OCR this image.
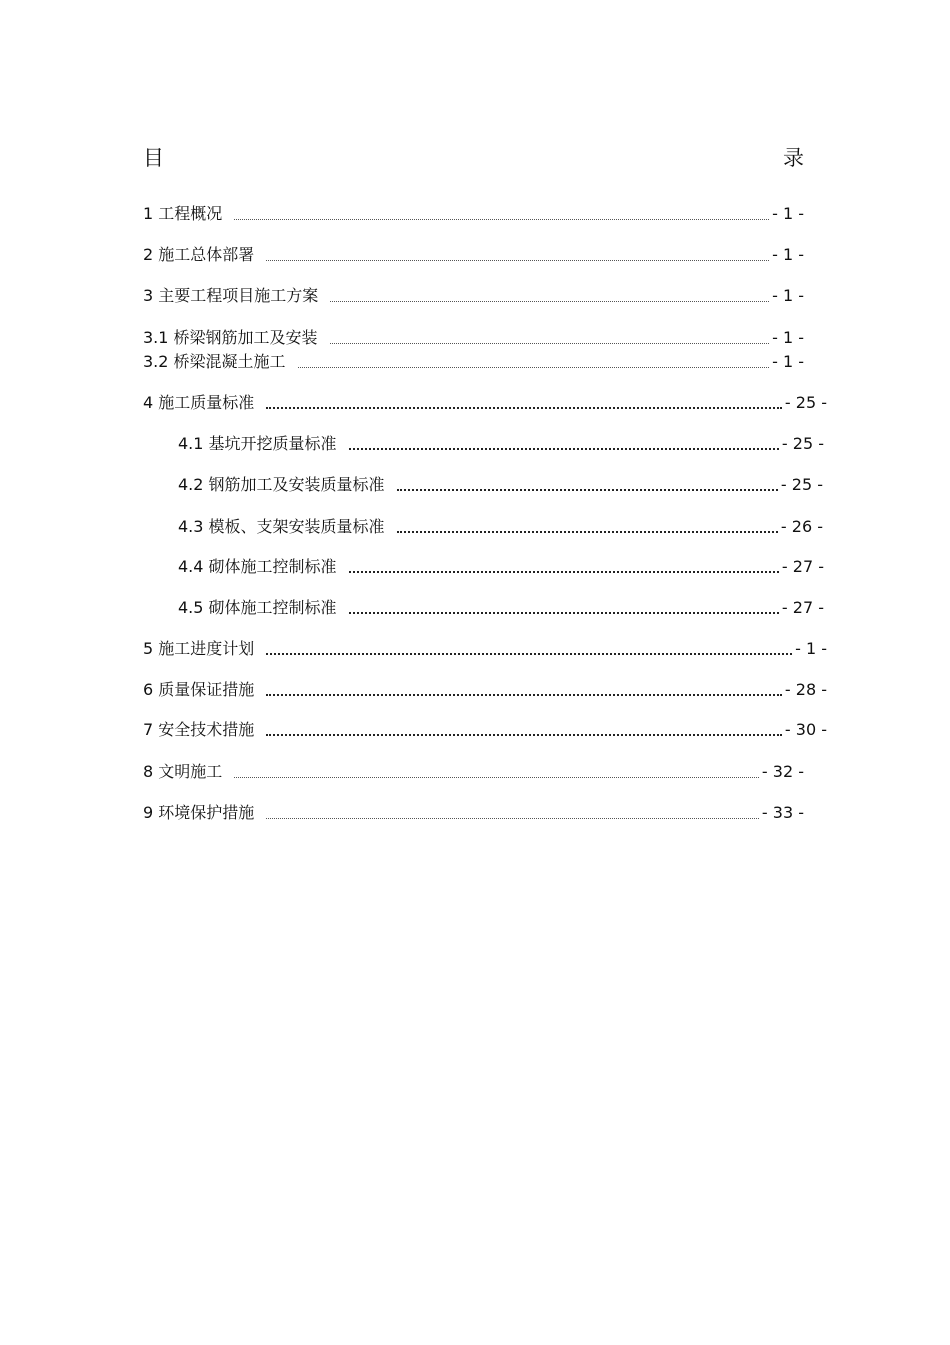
目	录
1 工程概况	- 1 -
2 施工总体部署	- 1 -
3 主要工程项目施工方案	- 1 -
3.1 桥梁钢筋加工及安装	- 1 -
3.2 桥梁混凝土施工	- 1 -
4 施工质量标准	- 25 -
4.1 基坑开挖质量标准	- 25 -
4.2 钢筋加工及安装质量标准	- 25 -
4.3 模板、支架安装质量标准	- 26 -
4.4 砌体施工控制标准	- 27 -
4.5 砌体施工控制标准	- 27 -
5 施工进度计划	- 1 -
6 质量保证措施	- 28 -
7 安全技术措施	- 30 -
8 文明施工	- 32 -
9 环境保护措施	- 33 -
